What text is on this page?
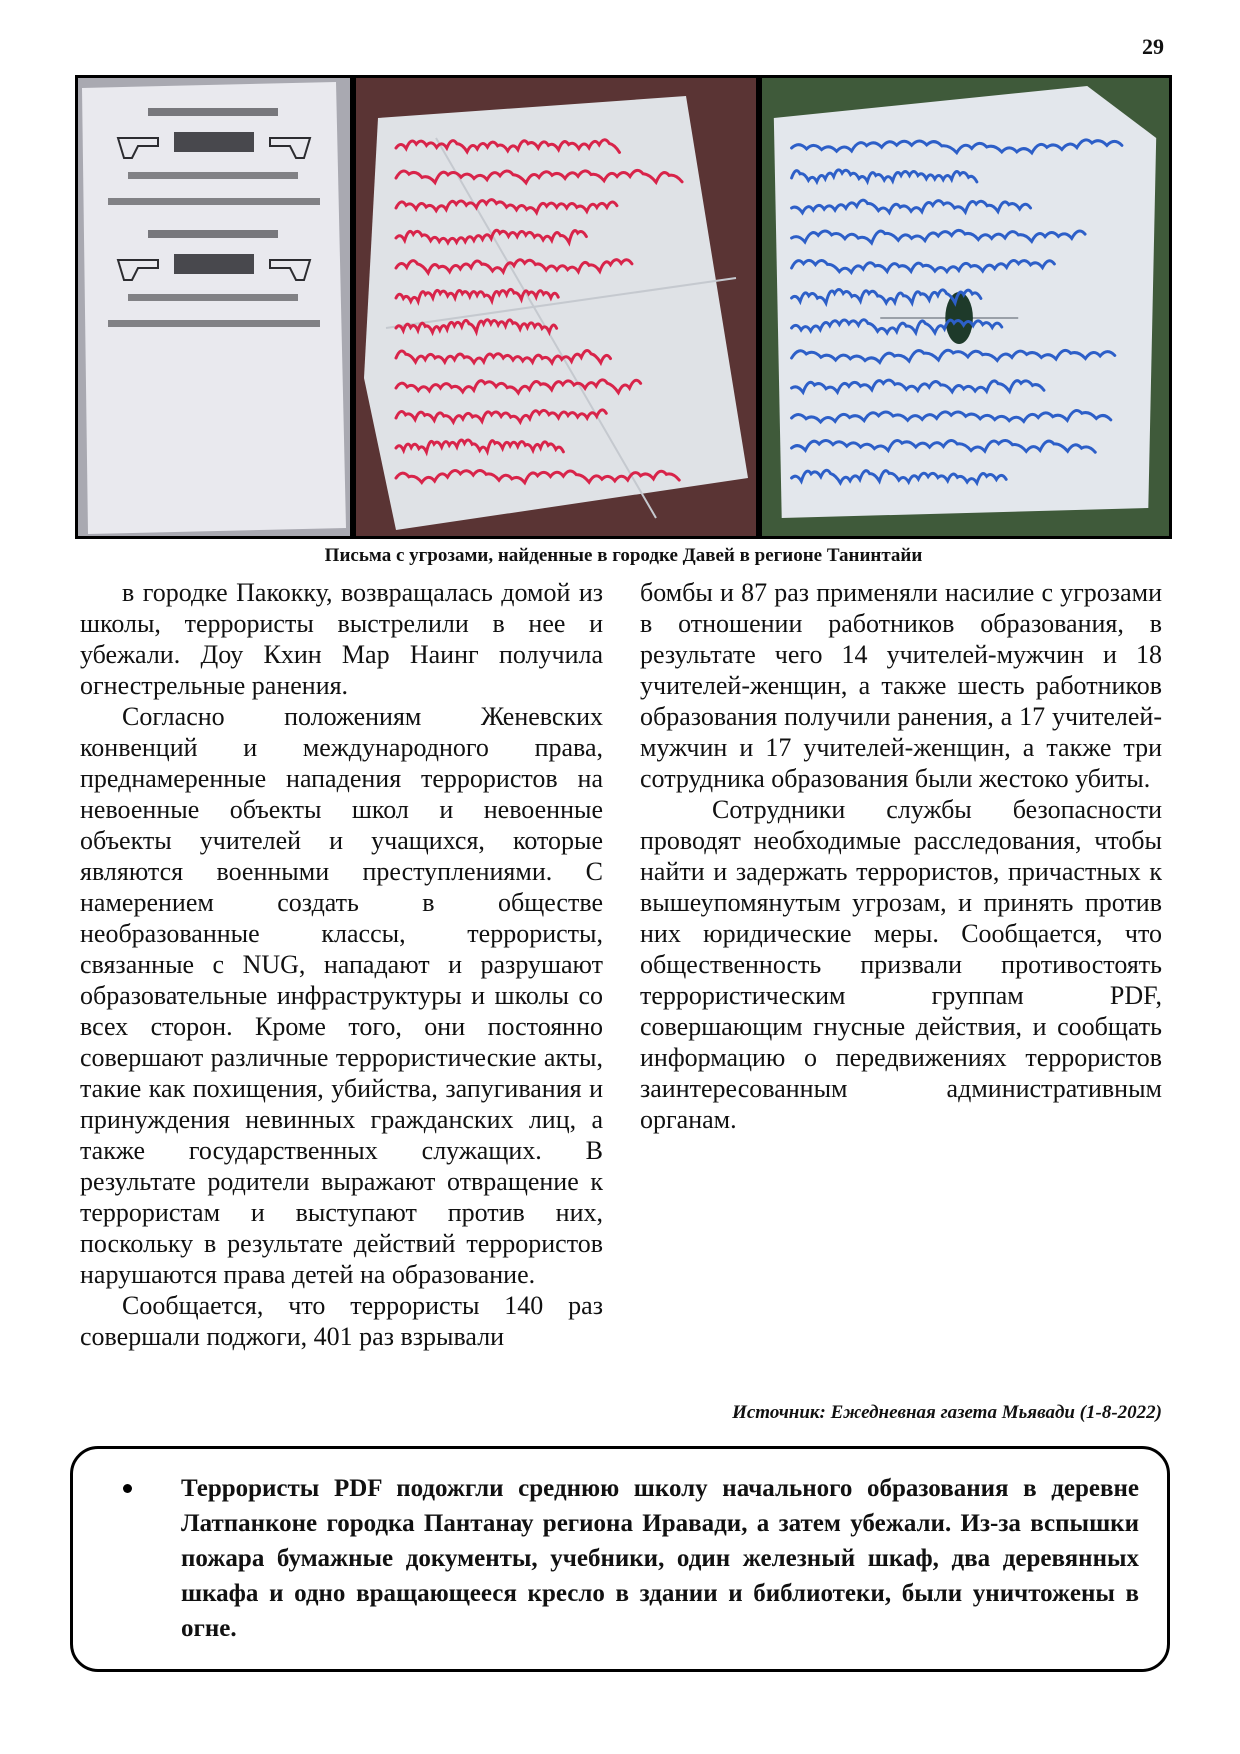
29
Письма с угрозами, найденные в городке Давей в регионе Танинтайи

в городке Пакокку, возвращалась домой из школы, террористы выстрелили в нее и убежали. Доу Кхин Мар Наинг получила огнестрельные ранения.

Согласно положениям Женевских конвенций и международного права, преднамеренные нападения террористов на невоенные объекты школ и невоенные объекты учителей и учащихся, которые являются военными преступлениями. С намерением создать в обществе необразованные классы, террористы, связанные с NUG, нападают и разрушают образовательные инфраструктуры и школы со всех сторон. Кроме того, они постоянно совершают различные террористические акты, такие как похищения, убийства, запугивания и принуждения невинных гражданских лиц, а также государственных служащих. В результате родители выражают отвращение к террористам и выступают против них, поскольку в результате действий террористов нарушаются права детей на образование.

Сообщается, что террористы 140 раз совершали поджоги, 401 раз взрывали

бомбы и 87 раз применяли насилие с угрозами в отношении работников образования, в результате чего 14 учителей-мужчин и 18 учителей-женщин, а также шесть работников образования получили ранения, а 17 учителей-мужчин и 17 учителей-женщин, а также три сотрудника образования были жестоко убиты.

Сотрудники службы безопасности проводят необходимые расследования, чтобы найти и задержать террористов, причастных к вышеупомянутым угрозам, и принять против них юридические меры. Сообщается, что общественность призвали противостоять террористическим группам PDF, совершающим гнусные действия, и сообщать информацию о передвижениях террористов заинтересованным административным органам.

Источник: Ежедневная газета Мьявади (1-8-2022)
Террористы PDF подожгли среднюю школу начального образования в деревне Латпанконе городка Пантанау региона Иравади, а затем убежали. Из-за вспышки пожара бумажные документы, учебники, один железный шкаф, два деревянных шкафа и одно вращающееся кресло в здании и библиотеки, были уничтожены в огне.
